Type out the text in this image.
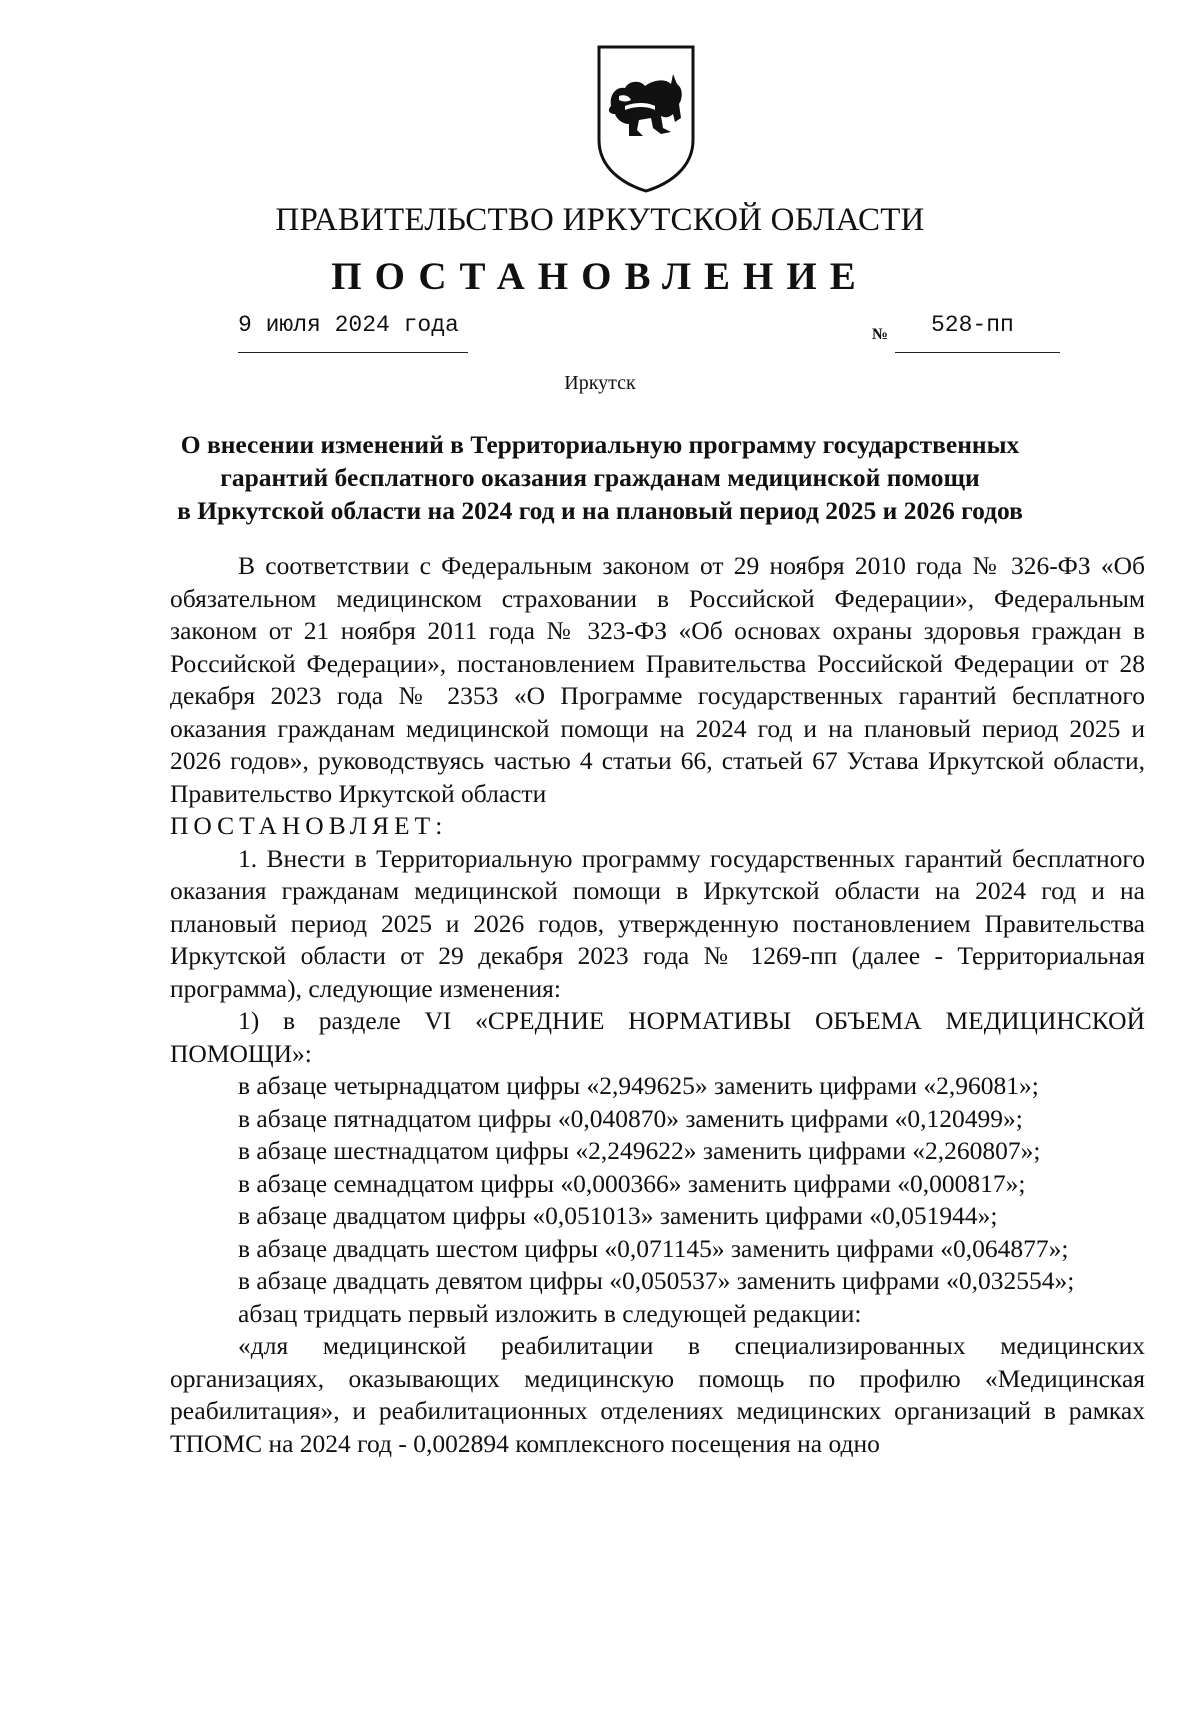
ПРАВИТЕЛЬСТВО ИРКУТСКОЙ ОБЛАСТИ
ПОСТАНОВЛЕНИЕ
9 июля 2024 года	№ 528-пп
Иркутск
О внесении изменений в Территориальную программу государственных
гарантий бесплатного оказания гражданам медицинской помощи
в Иркутской области на 2024 год и на плановый период 2025 и 2026 годов

В соответствии с Федеральным законом от 29 ноября 2010 года № 326-ФЗ «Об обязательном медицинском страховании в Российской Федерации», Федеральным законом от 21 ноября 2011 года № 323-ФЗ «Об основах охраны здоровья граждан в Российской Федерации», постановлением Правительства Российской Федерации от 28 декабря 2023 года № 2353 «О Программе государственных гарантий бесплатного оказания гражданам медицинской помощи на 2024 год и на плановый период 2025 и 2026 годов», руководствуясь частью 4 статьи 66, статьей 67 Устава Иркутской области, Правительство Иркутской области

ПОСТАНОВЛЯЕТ:

1. Внести в Территориальную программу государственных гарантий бесплатного оказания гражданам медицинской помощи в Иркутской области на 2024 год и на плановый период 2025 и 2026 годов, утвержденную постановлением Правительства Иркутской области от 29 декабря 2023 года № 1269-пп (далее - Территориальная программа), следующие изменения:

1) в разделе VI «СРЕДНИЕ НОРМАТИВЫ ОБЪЕМА МЕДИЦИНСКОЙ ПОМОЩИ»:

в абзаце четырнадцатом цифры «2,949625» заменить цифрами «2,96081»;

в абзаце пятнадцатом цифры «0,040870» заменить цифрами «0,120499»;

в абзаце шестнадцатом цифры «2,249622» заменить цифрами «2,260807»;

в абзаце семнадцатом цифры «0,000366» заменить цифрами «0,000817»;

в абзаце двадцатом цифры «0,051013» заменить цифрами «0,051944»;

в абзаце двадцать шестом цифры «0,071145» заменить цифрами «0,064877»;

в абзаце двадцать девятом цифры «0,050537» заменить цифрами «0,032554»;

абзац тридцать первый изложить в следующей редакции:

«для медицинской реабилитации в специализированных медицинских организациях, оказывающих медицинскую помощь по профилю «Медицинская реабилитация», и реабилитационных отделениях медицинских организаций в рамках ТПОМС на 2024 год - 0,002894 комплексного посещения на одно
